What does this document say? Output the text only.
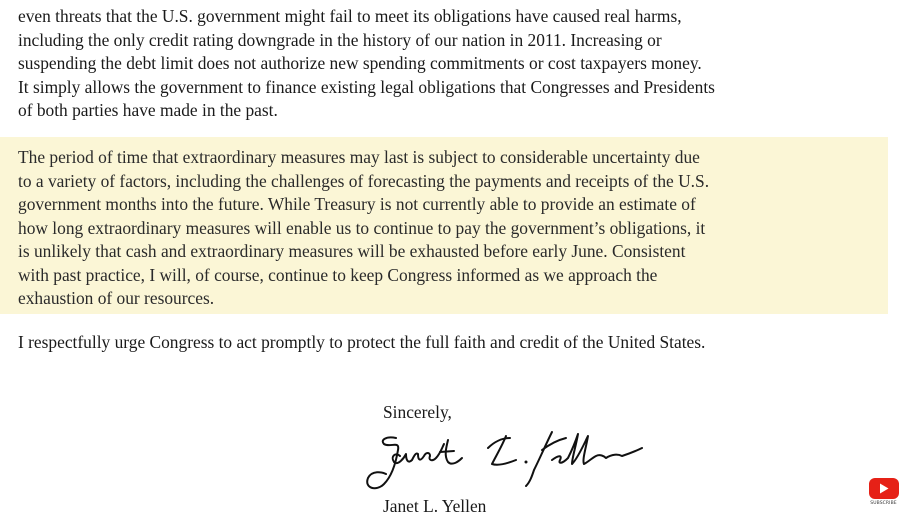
even threats that the U.S. government might fail to meet its obligations have caused real harms,
including the only credit rating downgrade in the history of our nation in 2011. Increasing or
suspending the debt limit does not authorize new spending commitments or cost taxpayers money.
It simply allows the government to finance existing legal obligations that Congresses and Presidents
of both parties have made in the past.

The period of time that extraordinary measures may last is subject to considerable uncertainty due
to a variety of factors, including the challenges of forecasting the payments and receipts of the U.S.
government months into the future. While Treasury is not currently able to provide an estimate of
how long extraordinary measures will enable us to continue to pay the government’s obligations, it
is unlikely that cash and extraordinary measures will be exhausted before early June. Consistent
with past practice, I will, of course, continue to keep Congress informed as we approach the
exhaustion of our resources.

I respectfully urge Congress to act promptly to protect the full faith and credit of the United States.

Sincerely,
Janet L. Yellen	SUBSCRIBE
